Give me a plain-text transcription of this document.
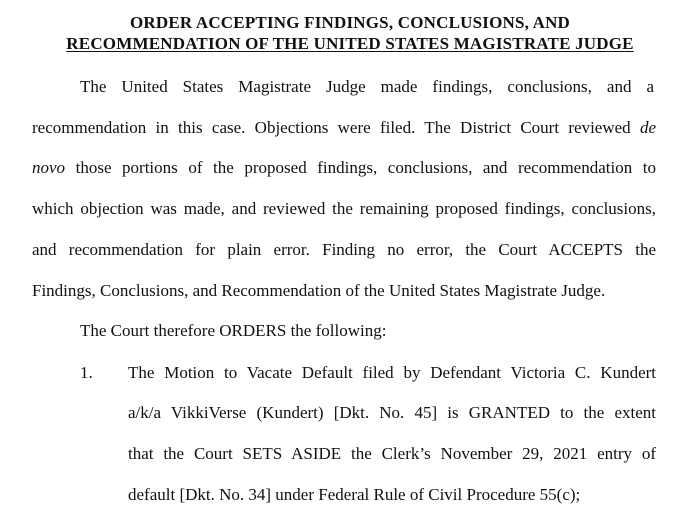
ORDER ACCEPTING FINDINGS, CONCLUSIONS, AND
RECOMMENDATION OF THE UNITED STATES MAGISTRATE JUDGE
The United States Magistrate Judge made findings, conclusions, and a
recommendation in this case. Objections were filed. The District Court reviewed de
novo those portions of the proposed findings, conclusions, and recommendation to
which objection was made, and reviewed the remaining proposed findings, conclusions,
and recommendation for plain error. Finding no error, the Court ACCEPTS the
Findings, Conclusions, and Recommendation of the United States Magistrate Judge.
The Court therefore ORDERS the following:
1. The Motion to Vacate Default filed by Defendant Victoria C. Kundert
a/k/a VikkiVerse (Kundert) [Dkt. No. 45] is GRANTED to the extent
that the Court SETS ASIDE the Clerk’s November 29, 2021 entry of
default [Dkt. No. 34] under Federal Rule of Civil Procedure 55(c);
